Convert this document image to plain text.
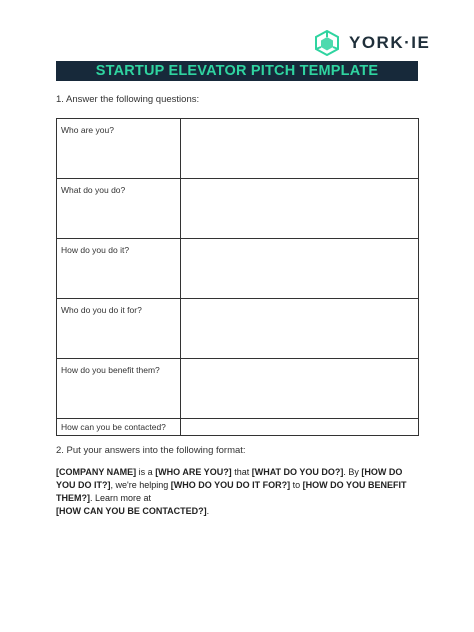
YORK·IE
STARTUP ELEVATOR PITCH TEMPLATE
1. Answer the following questions:
Who are you?	
What do you do?	
How do you do it?	
Who do you do it for?	
How do you benefit them?	
How can you be contacted?	
2. Put your answers into the following format:
[COMPANY NAME] is a [WHO ARE YOU?] that [WHAT DO YOU DO?]. By [HOW DO YOU DO IT?], we're helping [WHO DO YOU DO IT FOR?] to [HOW DO YOU BENEFIT THEM?]. Learn more at
[HOW CAN YOU BE CONTACTED?].
